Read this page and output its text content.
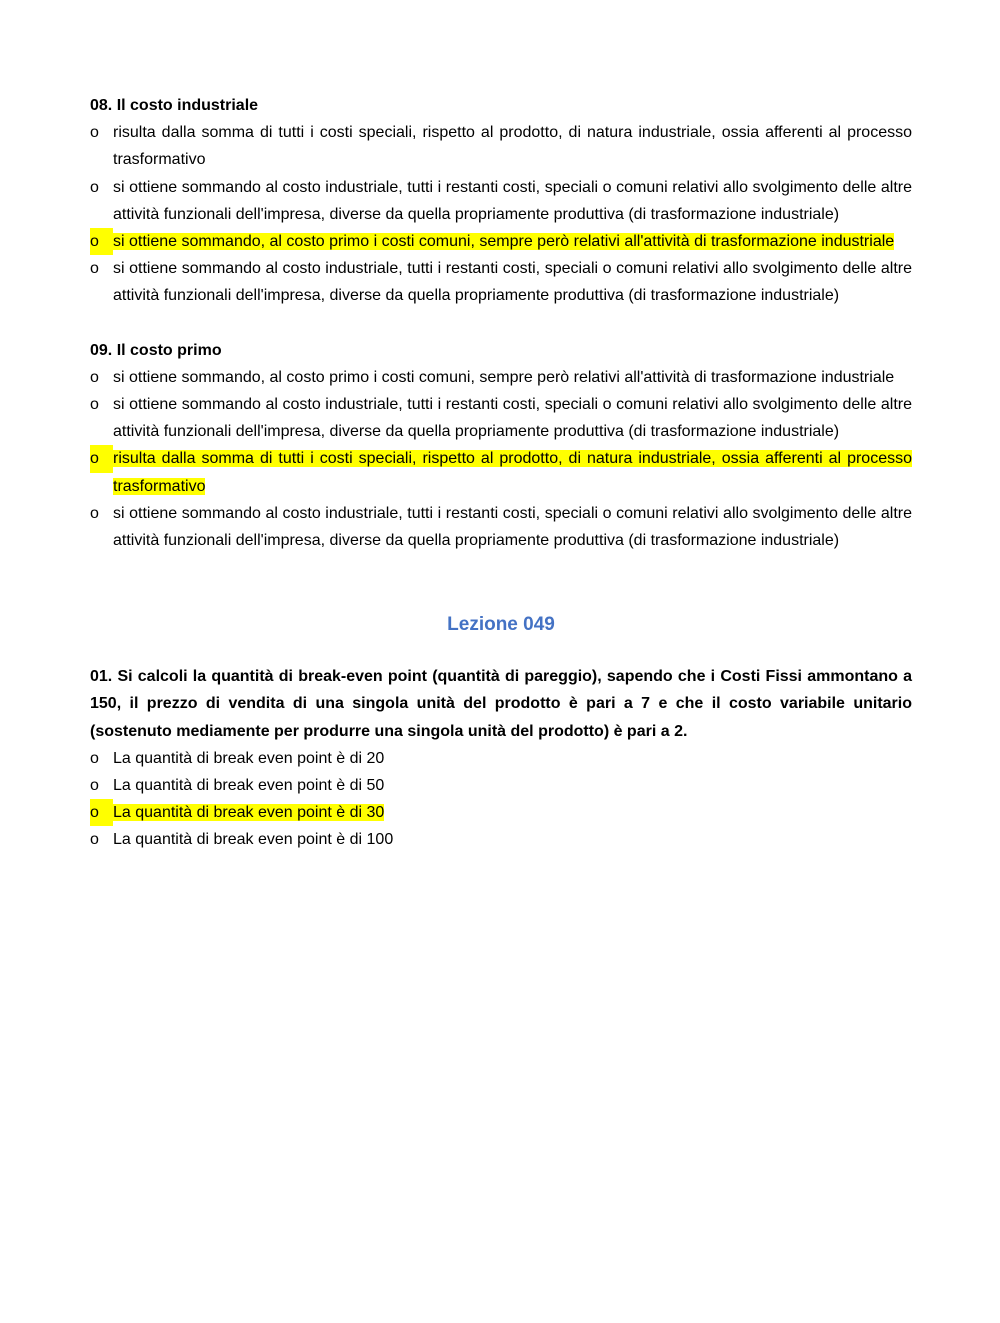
08. Il costo industriale

o risulta dalla somma di tutti i costi speciali, rispetto al prodotto, di natura industriale, ossia afferenti al processo trasformativo
o si ottiene sommando al costo industriale, tutti i restanti costi, speciali o comuni relativi allo svolgimento delle altre attività funzionali dell'impresa, diverse da quella propriamente produttiva (di trasformazione industriale)
o si ottiene sommando, al costo primo i costi comuni, sempre però relativi all'attività di trasformazione industriale
o si ottiene sommando al costo industriale, tutti i restanti costi, speciali o comuni relativi allo svolgimento delle altre attività funzionali dell'impresa, diverse da quella propriamente produttiva (di trasformazione industriale)

09. Il costo primo

o si ottiene sommando, al costo primo i costi comuni, sempre però relativi all'attività di trasformazione industriale
o si ottiene sommando al costo industriale, tutti i restanti costi, speciali o comuni relativi allo svolgimento delle altre attività funzionali dell'impresa, diverse da quella propriamente produttiva (di trasformazione industriale)
o risulta dalla somma di tutti i costi speciali, rispetto al prodotto, di natura industriale, ossia afferenti al processo trasformativo
o si ottiene sommando al costo industriale, tutti i restanti costi, speciali o comuni relativi allo svolgimento delle altre attività funzionali dell'impresa, diverse da quella propriamente produttiva (di trasformazione industriale)
Lezione 049

01. Si calcoli la quantità di break-even point (quantità di pareggio), sapendo che i Costi Fissi ammontano a 150, il prezzo di vendita di una singola unità del prodotto è pari a 7 e che il costo variabile unitario (sostenuto mediamente per produrre una singola unità del prodotto) è pari a 2.

o La quantità di break even point è di 20
o La quantità di break even point è di 50
o La quantità di break even point è di 30
o La quantità di break even point è di 100
